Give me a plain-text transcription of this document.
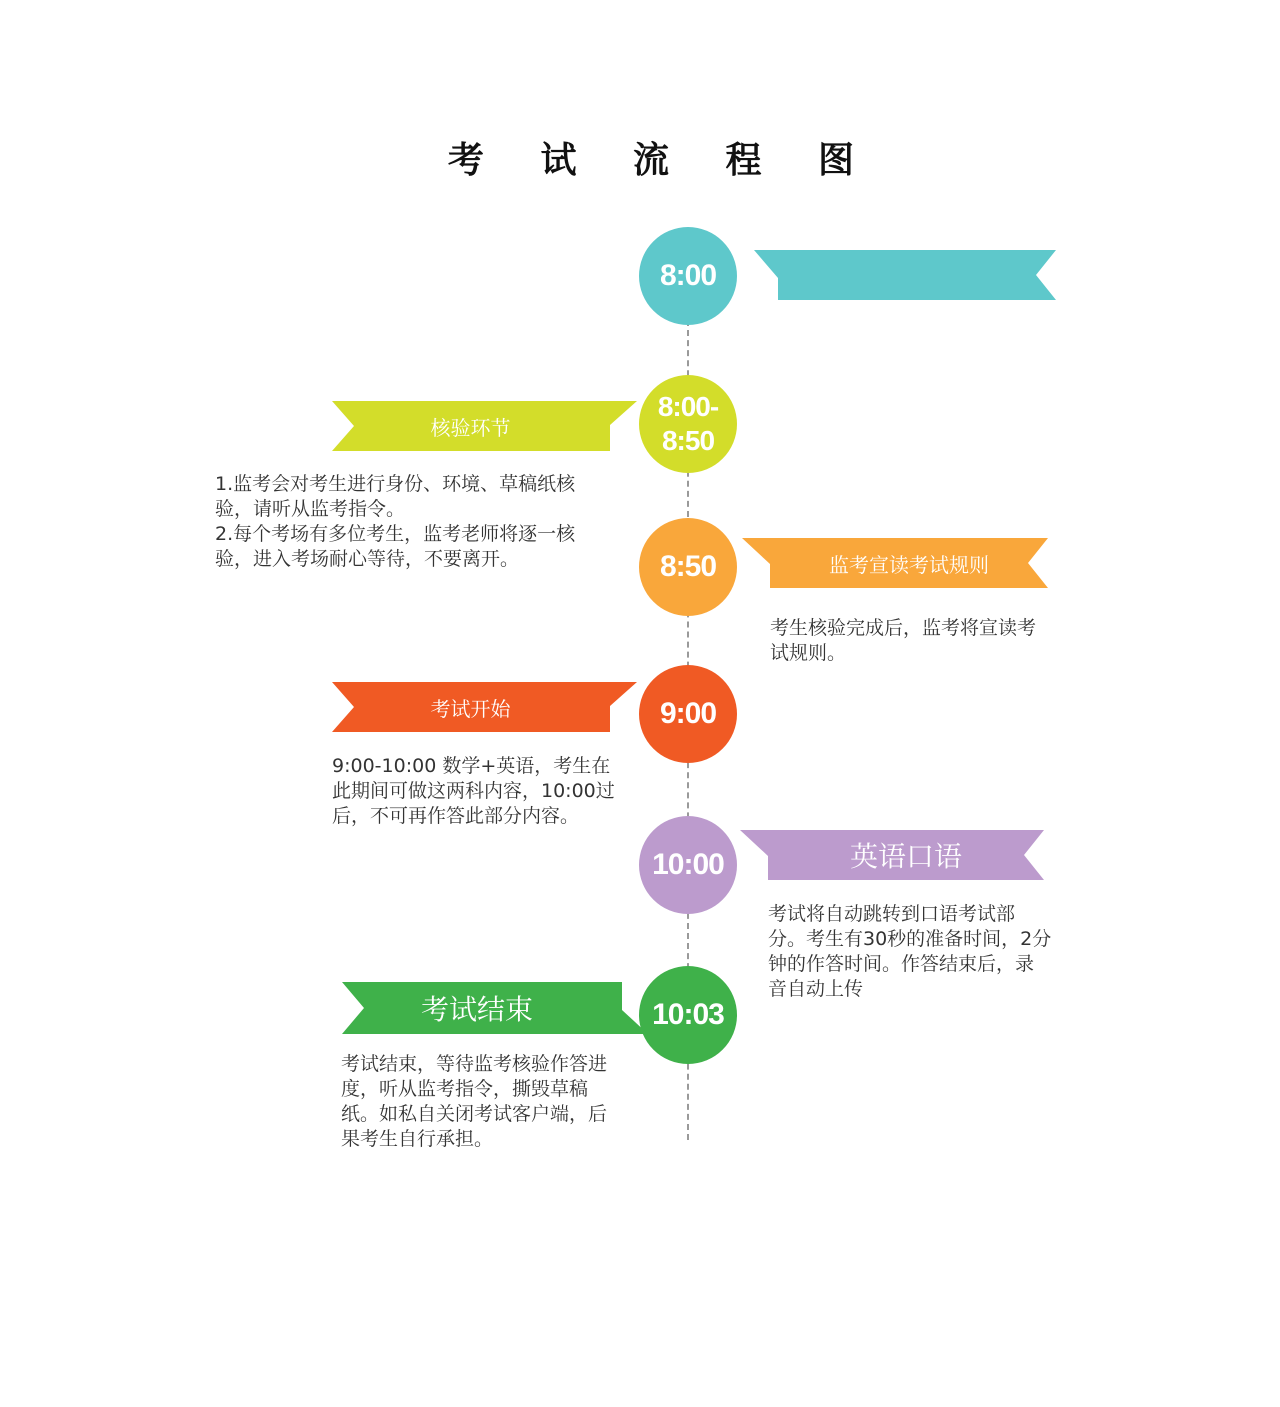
考 试 流 程 图
8:00
8:00-
8:50
核验环节
1.监考会对考生进行身份、环境、草稿纸核
验，请听从监考指令。
2.每个考场有多位考生，监考老师将逐一核
验，进入考场耐心等待，不要离开。	8:50	监考宣读考试规则
考生核验完成后，监考将宣读考
试规则。
9:00
考试开始
9:00-10:00 数学+英语，考生在
此期间可做这两科内容，10:00过
后，不可再作答此部分内容。
10:00	英语口语
考试将自动跳转到口语考试部
分。考生有30秒的准备时间，2分
钟的作答时间。作答结束后，录
音自动上传
10:03
考试结束
考试结束，等待监考核验作答进
度，听从监考指令，撕毁草稿
纸。如私自关闭考试客户端，后
果考生自行承担。
